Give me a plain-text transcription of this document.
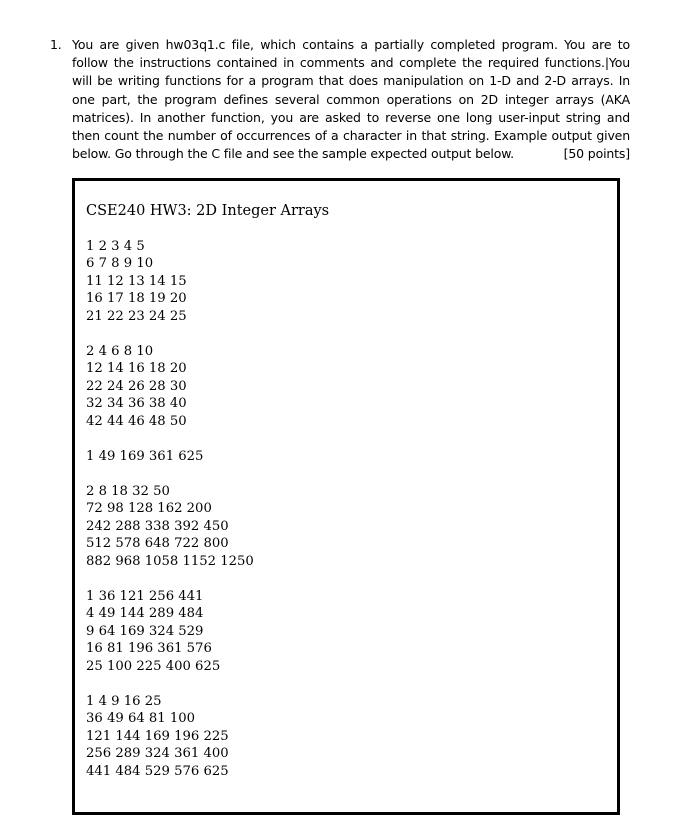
1. You are given hw03q1.c file, which contains a partially completed program. You are to follow the instructions contained in comments and complete the required functions.|You will be writing functions for a program that does manipulation on 1-D and 2-D arrays. In one part, the program defines several common operations on 2D integer arrays (AKA matrices). In another function, you are asked to reverse one long user-input string and then count the number of occurrences of a character in that string. Example output given below. Go through the C file and see the sample expected output below.	[50 points]
CSE240 HW3: 2D Integer Arrays
1 2 3 4 5
6 7 8 9 10
11 12 13 14 15
16 17 18 19 20
21 22 23 24 25
2 4 6 8 10
12 14 16 18 20
22 24 26 28 30
32 34 36 38 40
42 44 46 48 50
1 49 169 361 625
2 8 18 32 50
72 98 128 162 200
242 288 338 392 450
512 578 648 722 800
882 968 1058 1152 1250
1 36 121 256 441
4 49 144 289 484
9 64 169 324 529
16 81 196 361 576
25 100 225 400 625
1 4 9 16 25
36 49 64 81 100
121 144 169 196 225
256 289 324 361 400
441 484 529 576 625
